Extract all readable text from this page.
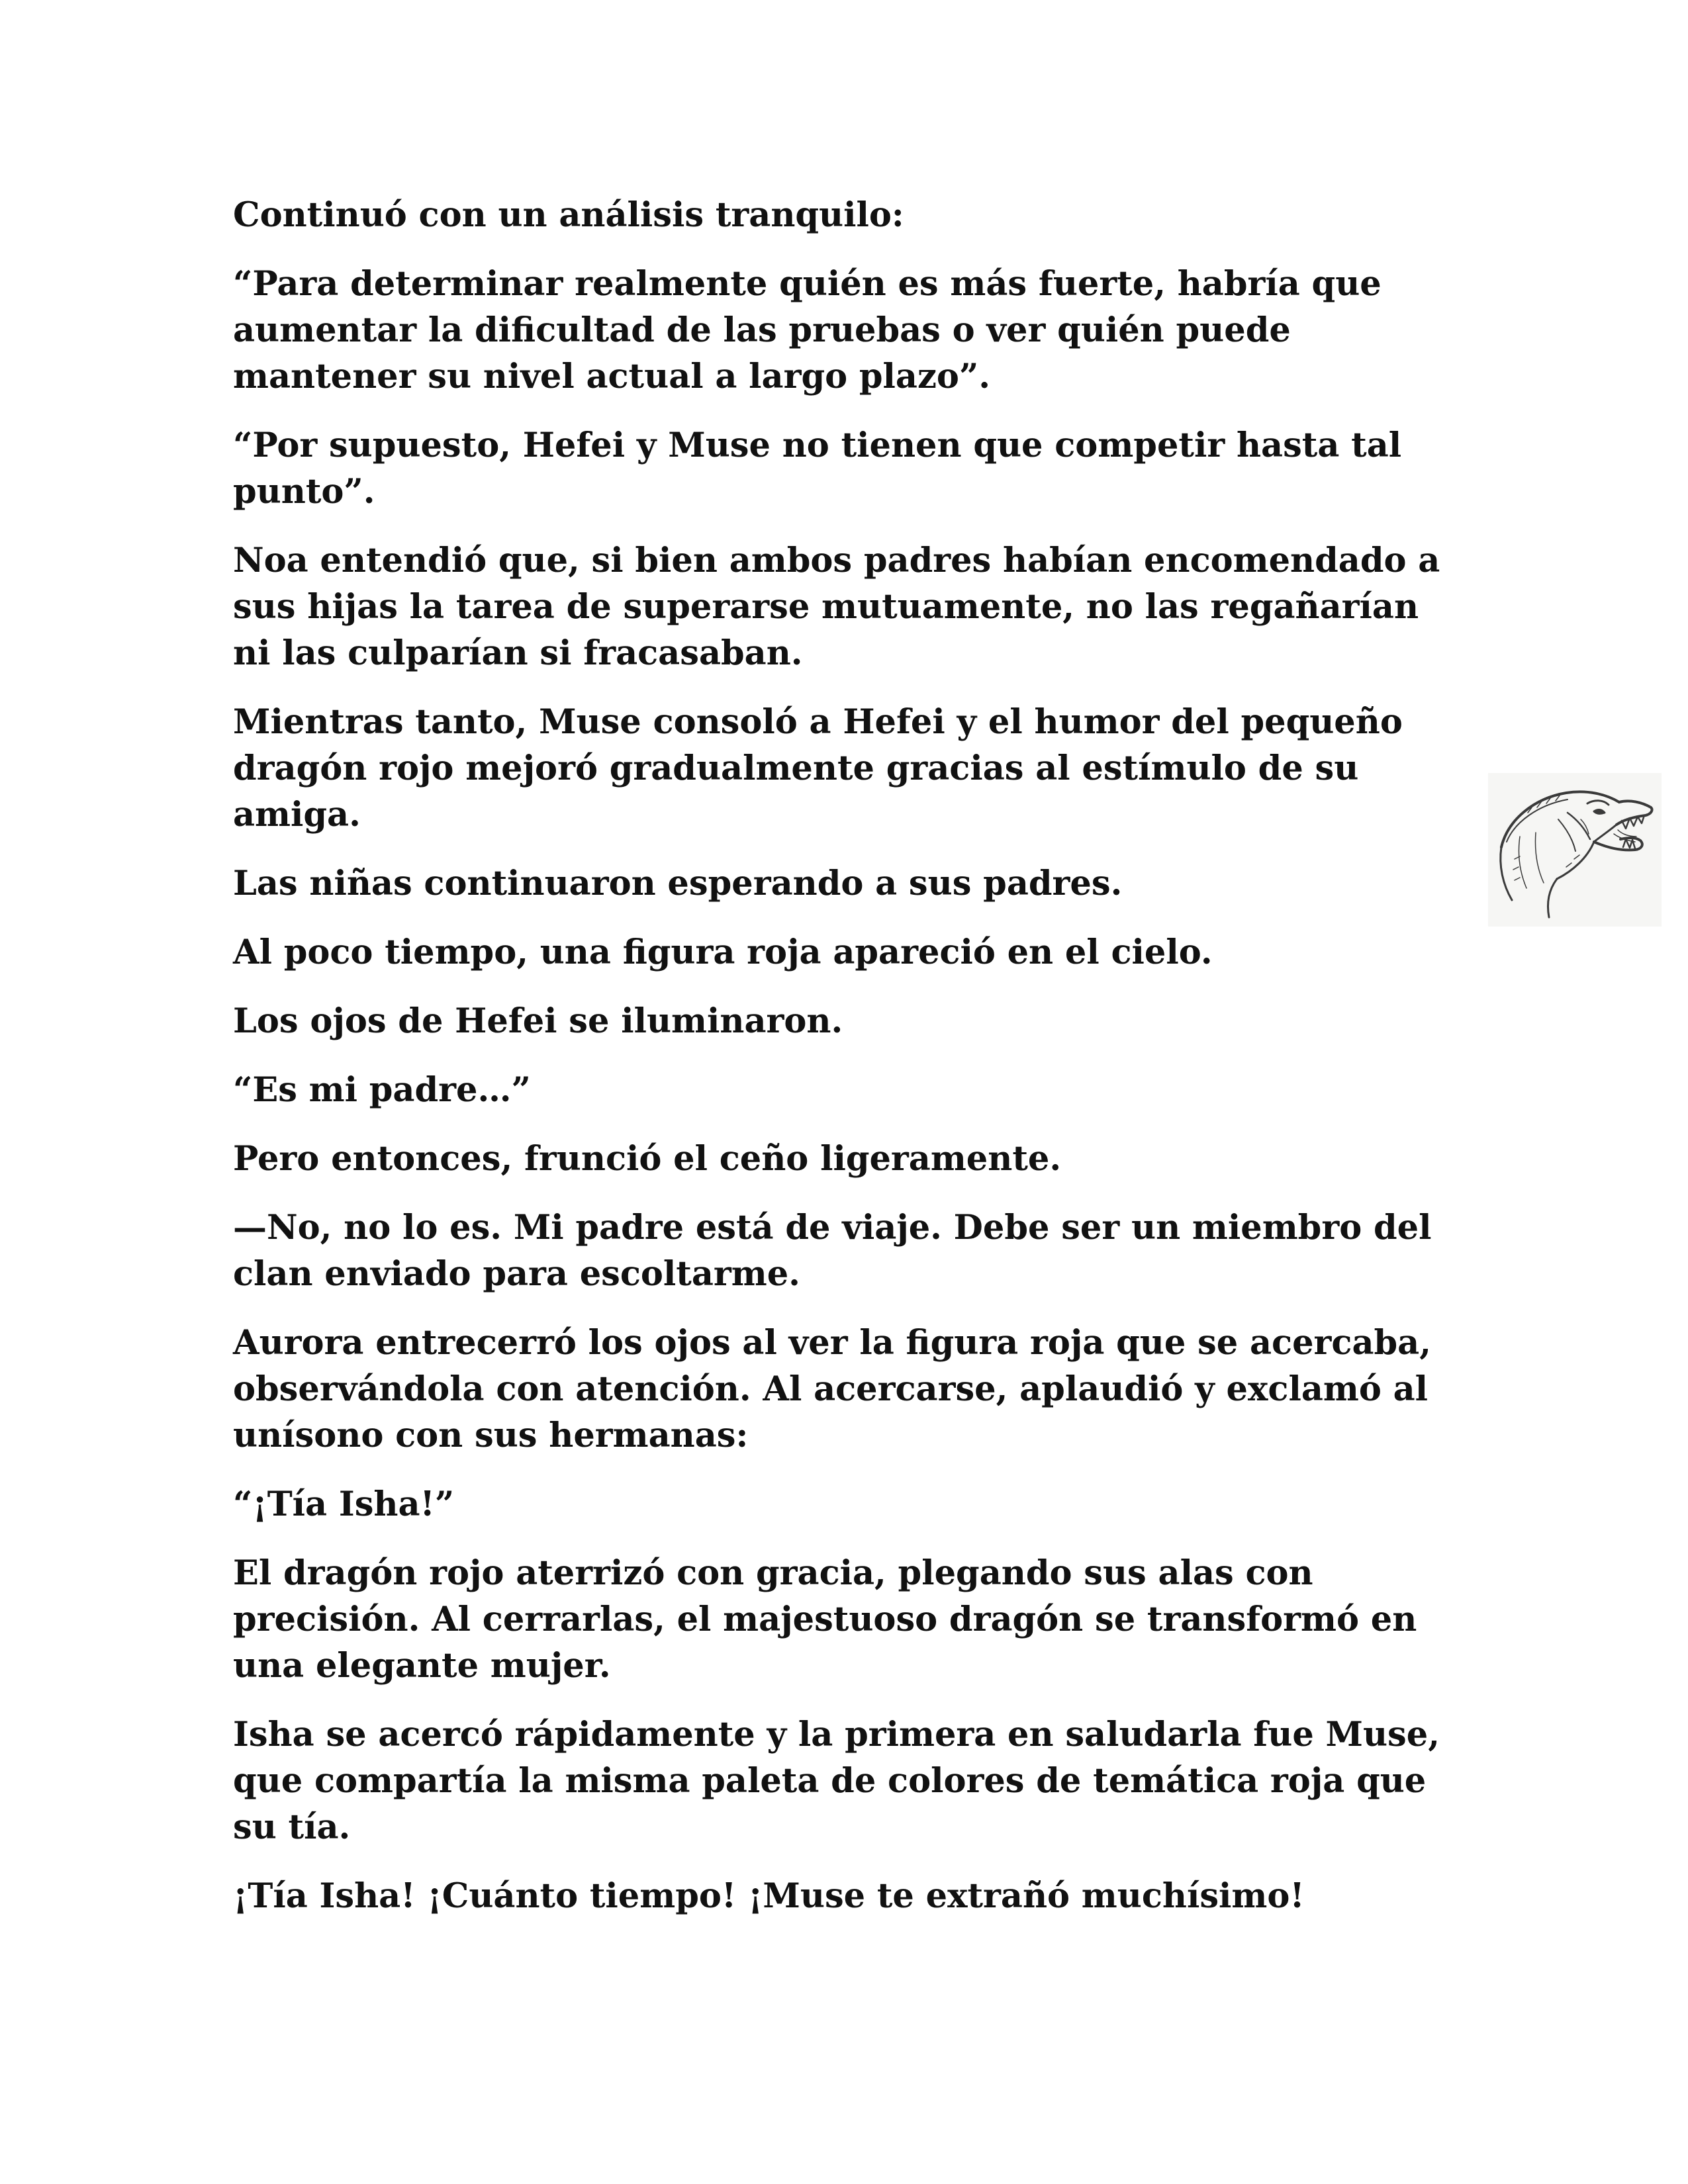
Continuó con un análisis tranquilo:

“Para determinar realmente quién es más fuerte, habría que aumentar la dificultad de las pruebas o ver quién puede mantener su nivel actual a largo plazo”.

“Por supuesto, Hefei y Muse no tienen que competir hasta tal punto”.

Noa entendió que, si bien ambos padres habían encomendado a sus hijas la tarea de superarse mutuamente, no las regañarían ni las culparían si fracasaban.

Mientras tanto, Muse consoló a Hefei y el humor del pequeño dragón rojo mejoró gradualmente gracias al estímulo de su amiga.

Las niñas continuaron esperando a sus padres.

Al poco tiempo, una figura roja apareció en el cielo.

Los ojos de Hefei se iluminaron.

“Es mi padre…”

Pero entonces, frunció el ceño ligeramente.

—No, no lo es. Mi padre está de viaje. Debe ser un miembro del clan enviado para escoltarme.

Aurora entrecerró los ojos al ver la figura roja que se acercaba, observándola con atención. Al acercarse, aplaudió y exclamó al unísono con sus hermanas:

“¡Tía Isha!”

El dragón rojo aterrizó con gracia, plegando sus alas con precisión. Al cerrarlas, el majestuoso dragón se transformó en una elegante mujer.

Isha se acercó rápidamente y la primera en saludarla fue Muse, que compartía la misma paleta de colores de temática roja que su tía.

¡Tía Isha! ¡Cuánto tiempo! ¡Muse te extrañó muchísimo!
